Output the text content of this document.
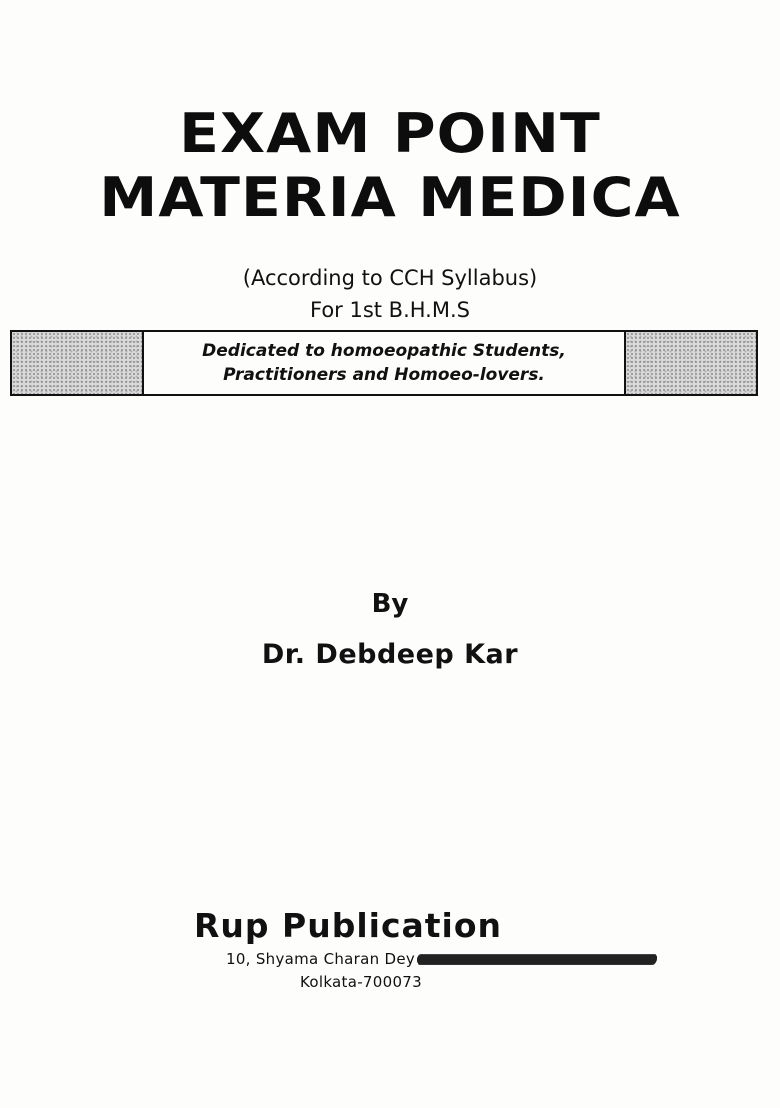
EXAM POINT
MATERIA MEDICA
(According to CCH Syllabus)
For 1st B.H.M.S
Dedicated to homoeopathic Students,
Practitioners and Homoeo-lovers.
By
Dr. Debdeep Kar
Rup Publication
10, Shyama Charan Dey
Kolkata-700073
